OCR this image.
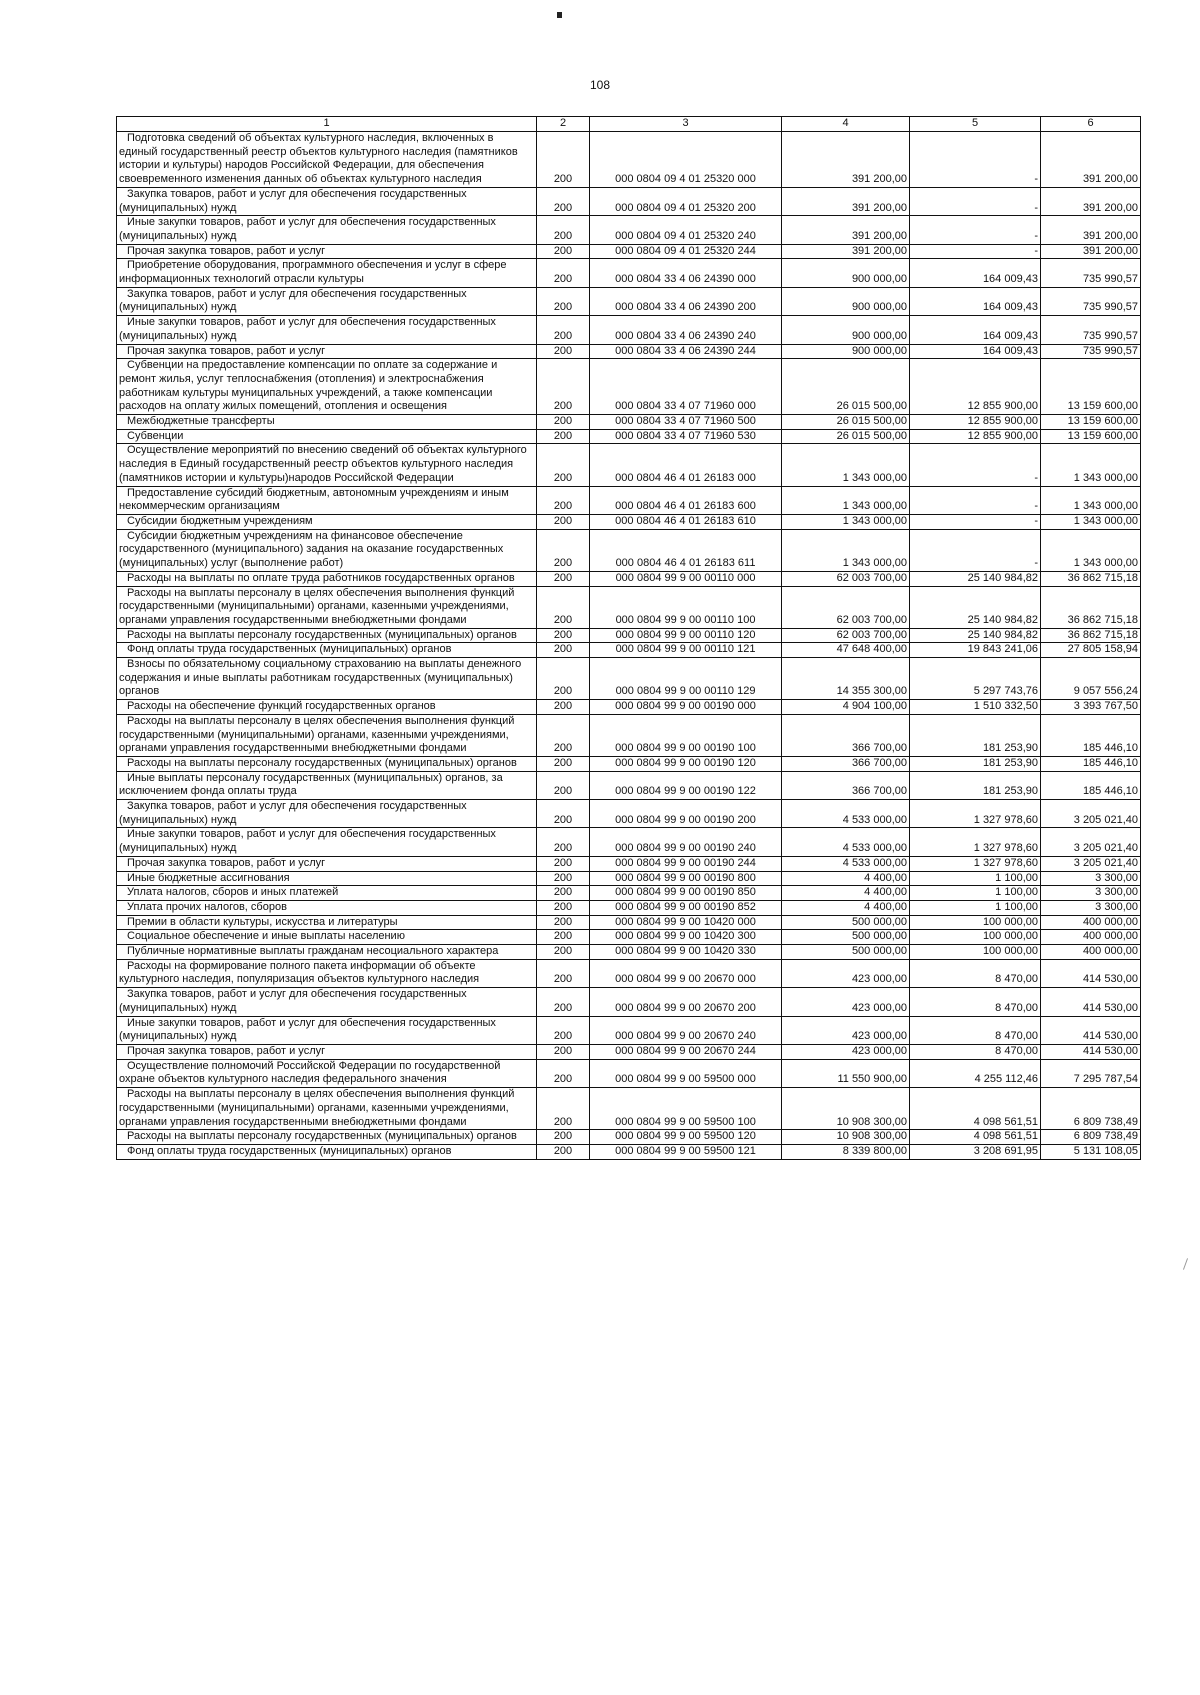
108
1	2	3	4	5	6
Подготовка сведений об объектах культурного наследия, включенных в единый государственный реестр объектов культурного наследия (памятников истории и культуры) народов Российской Федерации, для обеспечения своевременного изменения данных об объектах культурного наследия	200	000 0804 09 4 01 25320 000	391 200,00	-	391 200,00
Закупка товаров, работ и услуг для обеспечения государственных (муниципальных) нужд	200	000 0804 09 4 01 25320 200	391 200,00	-	391 200,00
Иные закупки товаров, работ и услуг для обеспечения государственных (муниципальных) нужд	200	000 0804 09 4 01 25320 240	391 200,00	-	391 200,00
Прочая закупка товаров, работ и услуг	200	000 0804 09 4 01 25320 244	391 200,00	-	391 200,00
Приобретение оборудования, программного обеспечения и услуг в сфере информационных технологий отрасли культуры	200	000 0804 33 4 06 24390 000	900 000,00	164 009,43	735 990,57
Закупка товаров, работ и услуг для обеспечения государственных (муниципальных) нужд	200	000 0804 33 4 06 24390 200	900 000,00	164 009,43	735 990,57
Иные закупки товаров, работ и услуг для обеспечения государственных (муниципальных) нужд	200	000 0804 33 4 06 24390 240	900 000,00	164 009,43	735 990,57
Прочая закупка товаров, работ и услуг	200	000 0804 33 4 06 24390 244	900 000,00	164 009,43	735 990,57
Субвенции на предоставление компенсации по оплате за содержание и ремонт жилья, услуг теплоснабжения (отопления) и электроснабжения работникам культуры муниципальных учреждений, а также компенсации расходов на оплату жилых помещений, отопления и освещения	200	000 0804 33 4 07 71960 000	26 015 500,00	12 855 900,00	13 159 600,00
Межбюджетные трансферты	200	000 0804 33 4 07 71960 500	26 015 500,00	12 855 900,00	13 159 600,00
Субвенции	200	000 0804 33 4 07 71960 530	26 015 500,00	12 855 900,00	13 159 600,00
Осуществление мероприятий по внесению сведений об объектах культурного наследия в Единый государственный реестр объектов культурного наследия (памятников истории и культуры)народов Российской Федерации	200	000 0804 46 4 01 26183 000	1 343 000,00	-	1 343 000,00
Предоставление субсидий бюджетным, автономным учреждениям и иным некоммерческим организациям	200	000 0804 46 4 01 26183 600	1 343 000,00	-	1 343 000,00
Субсидии бюджетным учреждениям	200	000 0804 46 4 01 26183 610	1 343 000,00	-	1 343 000,00
Субсидии бюджетным учреждениям на финансовое обеспечение государственного (муниципального) задания на оказание государственных (муниципальных) услуг (выполнение работ)	200	000 0804 46 4 01 26183 611	1 343 000,00	-	1 343 000,00
Расходы на выплаты по оплате труда работников государственных органов	200	000 0804 99 9 00 00110 000	62 003 700,00	25 140 984,82	36 862 715,18
Расходы на выплаты персоналу в целях обеспечения выполнения функций государственными (муниципальными) органами, казенными учреждениями, органами управления государственными внебюджетными фондами	200	000 0804 99 9 00 00110 100	62 003 700,00	25 140 984,82	36 862 715,18
Расходы на выплаты персоналу государственных (муниципальных) органов	200	000 0804 99 9 00 00110 120	62 003 700,00	25 140 984,82	36 862 715,18
Фонд оплаты труда государственных (муниципальных) органов	200	000 0804 99 9 00 00110 121	47 648 400,00	19 843 241,06	27 805 158,94
Взносы по обязательному социальному страхованию на выплаты денежного содержания и иные выплаты работникам государственных (муниципальных) органов	200	000 0804 99 9 00 00110 129	14 355 300,00	5 297 743,76	9 057 556,24
Расходы на обеспечение функций государственных органов	200	000 0804 99 9 00 00190 000	4 904 100,00	1 510 332,50	3 393 767,50
Расходы на выплаты персоналу в целях обеспечения выполнения функций государственными (муниципальными) органами, казенными учреждениями, органами управления государственными внебюджетными фондами	200	000 0804 99 9 00 00190 100	366 700,00	181 253,90	185 446,10
Расходы на выплаты персоналу государственных (муниципальных) органов	200	000 0804 99 9 00 00190 120	366 700,00	181 253,90	185 446,10
Иные выплаты персоналу государственных (муниципальных) органов, за исключением фонда оплаты труда	200	000 0804 99 9 00 00190 122	366 700,00	181 253,90	185 446,10
Закупка товаров, работ и услуг для обеспечения государственных (муниципальных) нужд	200	000 0804 99 9 00 00190 200	4 533 000,00	1 327 978,60	3 205 021,40
Иные закупки товаров, работ и услуг для обеспечения государственных (муниципальных) нужд	200	000 0804 99 9 00 00190 240	4 533 000,00	1 327 978,60	3 205 021,40
Прочая закупка товаров, работ и услуг	200	000 0804 99 9 00 00190 244	4 533 000,00	1 327 978,60	3 205 021,40
Иные бюджетные ассигнования	200	000 0804 99 9 00 00190 800	4 400,00	1 100,00	3 300,00
Уплата налогов, сборов и иных платежей	200	000 0804 99 9 00 00190 850	4 400,00	1 100,00	3 300,00
Уплата прочих налогов, сборов	200	000 0804 99 9 00 00190 852	4 400,00	1 100,00	3 300,00
Премии в области культуры, искусства и литературы	200	000 0804 99 9 00 10420 000	500 000,00	100 000,00	400 000,00
Социальное обеспечение и иные выплаты населению	200	000 0804 99 9 00 10420 300	500 000,00	100 000,00	400 000,00
Публичные нормативные выплаты гражданам несоциального характера	200	000 0804 99 9 00 10420 330	500 000,00	100 000,00	400 000,00
Расходы на формирование полного пакета информации об объекте культурного наследия, популяризация объектов культурного наследия	200	000 0804 99 9 00 20670 000	423 000,00	8 470,00	414 530,00
Закупка товаров, работ и услуг для обеспечения государственных (муниципальных) нужд	200	000 0804 99 9 00 20670 200	423 000,00	8 470,00	414 530,00
Иные закупки товаров, работ и услуг для обеспечения государственных (муниципальных) нужд	200	000 0804 99 9 00 20670 240	423 000,00	8 470,00	414 530,00
Прочая закупка товаров, работ и услуг	200	000 0804 99 9 00 20670 244	423 000,00	8 470,00	414 530,00
Осуществление полномочий Российской Федерации по государственной охране объектов культурного наследия федерального значения	200	000 0804 99 9 00 59500 000	11 550 900,00	4 255 112,46	7 295 787,54
Расходы на выплаты персоналу в целях обеспечения выполнения функций государственными (муниципальными) органами, казенными учреждениями, органами управления государственными внебюджетными фондами	200	000 0804 99 9 00 59500 100	10 908 300,00	4 098 561,51	6 809 738,49
Расходы на выплаты персоналу государственных (муниципальных) органов	200	000 0804 99 9 00 59500 120	10 908 300,00	4 098 561,51	6 809 738,49
Фонд оплаты труда государственных (муниципальных) органов	200	000 0804 99 9 00 59500 121	8 339 800,00	3 208 691,95	5 131 108,05
